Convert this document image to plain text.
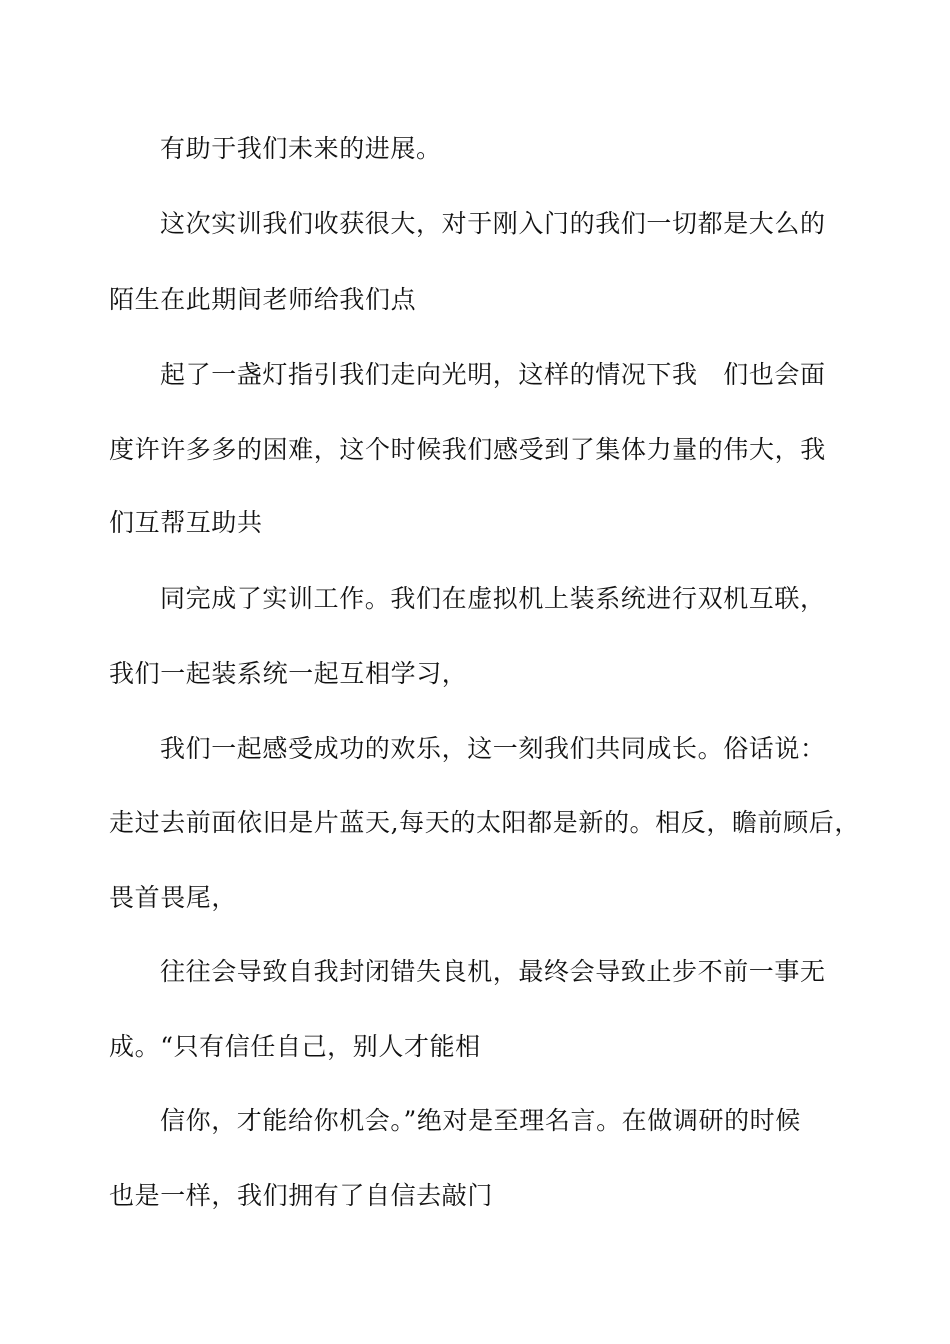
有助于我们未来的进展。
这次实训我们收获很大，对于刚入门的我们一切都是大么的
陌生在此期间老师给我们点
起了一盏灯指引我们走向光明，这样的情况下我　们也会面
度许许多多的困难，这个时候我们感受到了集体力量的伟大，我
们互帮互助共
同完成了实训工作。我们在虚拟机上装系统进行双机互联，
我们一起装系统一起互相学习，
我们一起感受成功的欢乐，这一刻我们共同成长。俗话说：
走过去前面依旧是片蓝天,每天的太阳都是新的。相反，瞻前顾后，
畏首畏尾，
往往会导致自我封闭错失良机，最终会导致止步不前一事无
成。“只有信任自己，别人才能相
信你，才能给你机会。”绝对是至理名言。在做调研的时候
也是一样，我们拥有了自信去敲门
